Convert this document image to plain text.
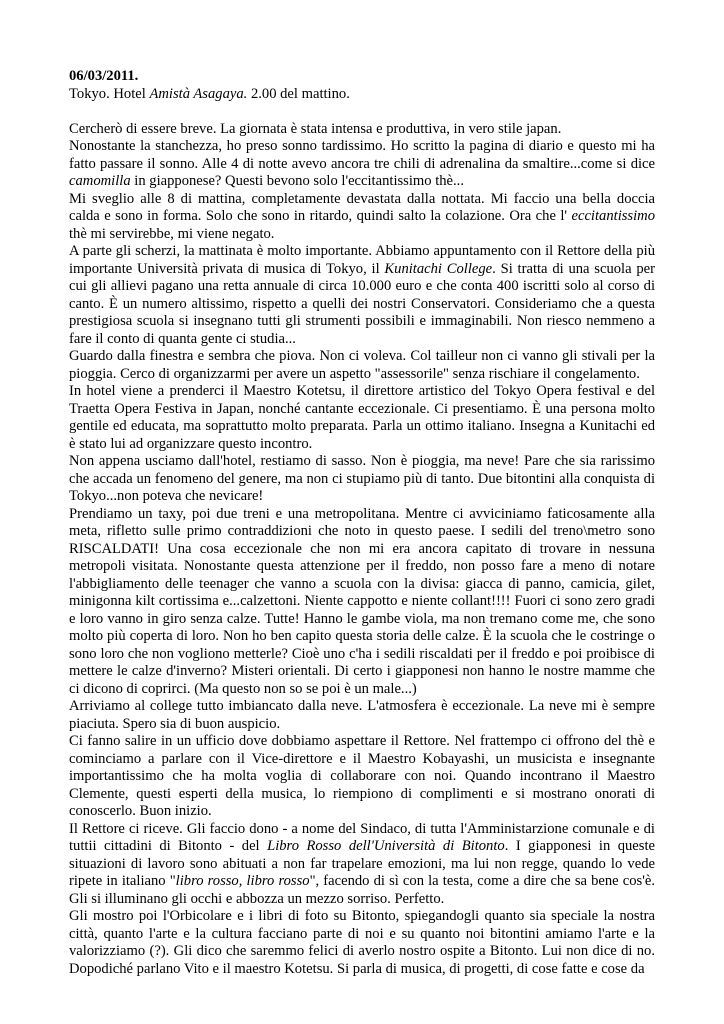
06/03/2011.

Tokyo. Hotel Amistà Asagaya. 2.00 del mattino.

Cercherò di essere breve. La giornata è stata intensa e produttiva, in vero stile japan.

Nonostante la stanchezza, ho preso sonno tardissimo. Ho scritto la pagina di diario e questo mi ha fatto passare il sonno. Alle 4 di notte avevo ancora tre chili di adrenalina da smaltire...come si dice camomilla in giapponese? Questi bevono solo l'eccitantissimo thè...

Mi sveglio alle 8 di mattina, completamente devastata dalla nottata. Mi faccio una bella doccia calda e sono in forma. Solo che sono in ritardo, quindi salto la colazione. Ora che l' eccitantissimo thè mi servirebbe, mi viene negato.

A parte gli scherzi, la mattinata è molto importante. Abbiamo appuntamento con il Rettore della più importante Università privata di musica di Tokyo, il Kunitachi College. Si tratta di una scuola per cui gli allievi pagano una retta annuale di circa 10.000 euro e che conta 400 iscritti solo al corso di canto. È un numero altissimo, rispetto a quelli dei nostri Conservatori. Consideriamo che a questa prestigiosa scuola si insegnano tutti gli strumenti possibili e immaginabili. Non riesco nemmeno a fare il conto di quanta gente ci studia...

Guardo dalla finestra e sembra che piova. Non ci voleva. Col tailleur non ci vanno gli stivali per la pioggia. Cerco di organizzarmi per avere un aspetto "assessorile" senza rischiare il congelamento.

In hotel viene a prenderci il Maestro Kotetsu, il direttore artistico del Tokyo Opera festival e del Traetta Opera Festiva in Japan, nonché cantante eccezionale. Ci presentiamo. È una persona molto gentile ed educata, ma soprattutto molto preparata. Parla un ottimo italiano. Insegna a Kunitachi ed è stato lui ad organizzare questo incontro.

Non appena usciamo dall'hotel, restiamo di sasso. Non è pioggia, ma neve! Pare che sia rarissimo che accada un fenomeno del genere, ma non ci stupiamo più di tanto. Due bitontini alla conquista di Tokyo...non poteva che nevicare!

Prendiamo un taxy, poi due treni e una metropolitana. Mentre ci avviciniamo faticosamente alla meta, rifletto sulle primo contraddizioni che noto in questo paese. I sedili del treno\metro sono RISCALDATI! Una cosa eccezionale che non mi era ancora capitato di trovare in nessuna metropoli visitata. Nonostante questa attenzione per il freddo, non posso fare a meno di notare l'abbigliamento delle teenager che vanno a scuola con la divisa: giacca di panno, camicia, gilet, minigonna kilt cortissima e...calzettoni. Niente cappotto e niente collant!!!! Fuori ci sono zero gradi e loro vanno in giro senza calze. Tutte! Hanno le gambe viola, ma non tremano come me, che sono molto più coperta di loro. Non ho ben capito questa storia delle calze. È la scuola che le costringe o sono loro che non vogliono metterle? Cioè uno c'ha i sedili riscaldati per il freddo e poi proibisce di mettere le calze d'inverno? Misteri orientali. Di certo i giapponesi non hanno le nostre mamme che ci dicono di coprirci. (Ma questo non so se poi è un male...)

Arriviamo al college tutto imbiancato dalla neve. L'atmosfera è eccezionale. La neve mi è sempre piaciuta. Spero sia di buon auspicio.

Ci fanno salire in un ufficio dove dobbiamo aspettare il Rettore. Nel frattempo ci offrono del thè e cominciamo a parlare con il Vice-direttore e il Maestro Kobayashi, un musicista e insegnante importantissimo che ha molta voglia di collaborare con noi. Quando incontrano il Maestro Clemente, questi esperti della musica, lo riempiono di complimenti e si mostrano onorati di conoscerlo. Buon inizio.

Il Rettore ci riceve. Gli faccio dono - a nome del Sindaco, di tutta l'Amministarzione comunale e di tuttii cittadini di Bitonto - del Libro Rosso dell'Università di Bitonto. I giapponesi in queste situazioni di lavoro sono abituati a non far trapelare emozioni, ma lui non regge, quando lo vede ripete in italiano "libro rosso, libro rosso", facendo di sì con la testa, come a dire che sa bene cos'è. Gli si illuminano gli occhi e abbozza un mezzo sorriso. Perfetto.

Gli mostro poi l'Orbicolare e i libri di foto su Bitonto, spiegandogli quanto sia speciale la nostra città, quanto l'arte e la cultura facciano parte di noi e su quanto noi bitontini amiamo l'arte e la valorizziamo (?). Gli dico che saremmo felici di averlo nostro ospite a Bitonto. Lui non dice di no. Dopodiché parlano Vito e il maestro Kotetsu. Si parla di musica, di progetti, di cose fatte e cose da
